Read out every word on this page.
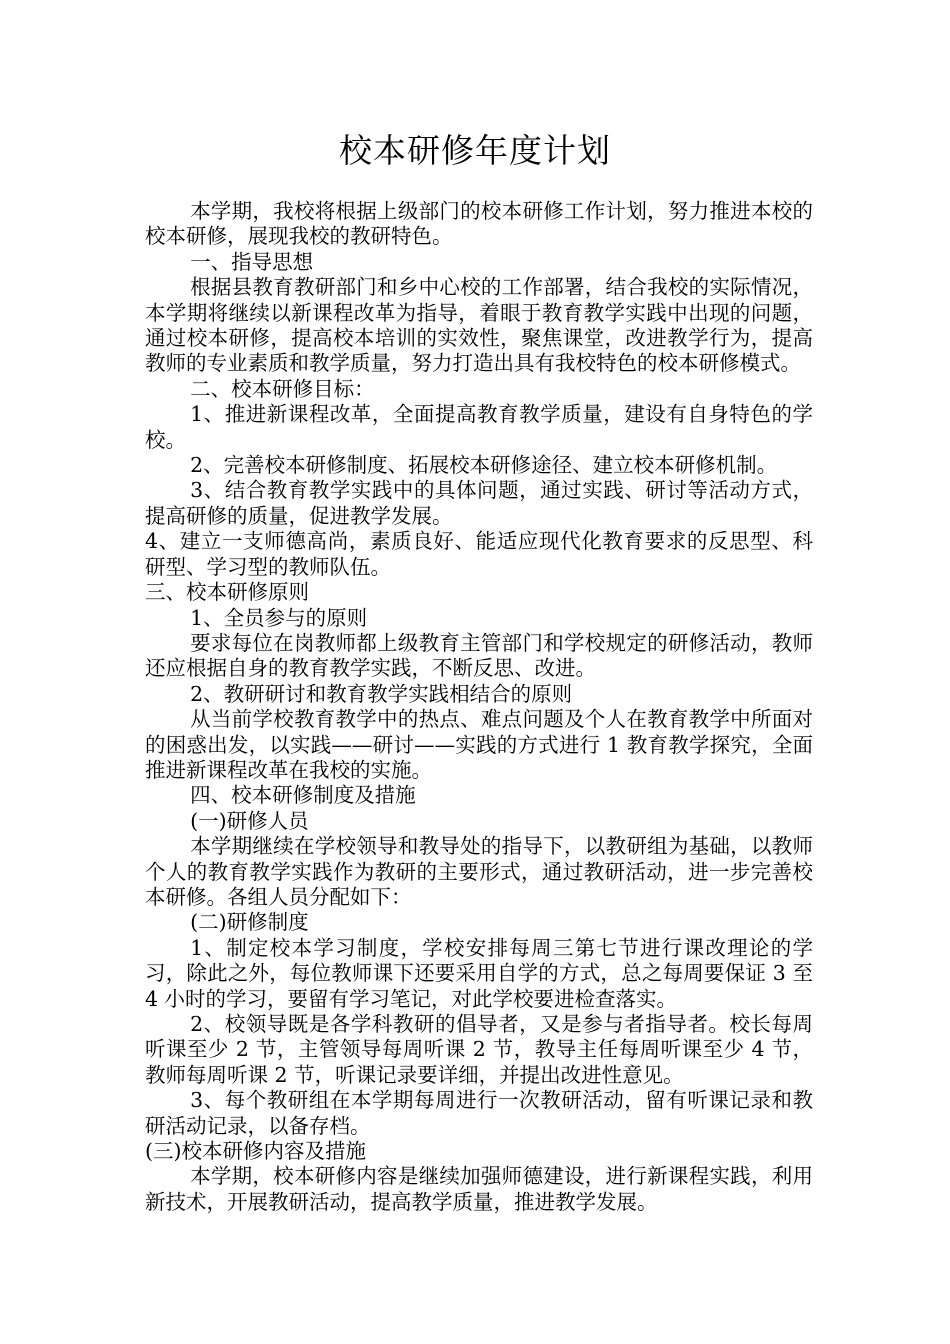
校本研修年度计划

本学期，我校将根据上级部门的校本研修工作计划，努力推进本校的校本研修，展现我校的教研特色。

一、指导思想

根据县教育教研部门和乡中心校的工作部署，结合我校的实际情况，本学期将继续以新课程改革为指导，着眼于教育教学实践中出现的问题，通过校本研修，提高校本培训的实效性，聚焦课堂，改进教学行为，提高教师的专业素质和教学质量，努力打造出具有我校特色的校本研修模式。

二、校本研修目标：

1、推进新课程改革，全面提高教育教学质量，建设有自身特色的学校。

2、完善校本研修制度、拓展校本研修途径、建立校本研修机制。

3、结合教育教学实践中的具体问题，通过实践、研讨等活动方式，提高研修的质量，促进教学发展。

4、建立一支师德高尚，素质良好、能适应现代化教育要求的反思型、科研型、学习型的教师队伍。

三、校本研修原则

1、全员参与的原则

要求每位在岗教师都上级教育主管部门和学校规定的研修活动，教师还应根据自身的教育教学实践，不断反思、改进。

2、教研研讨和教育教学实践相结合的原则

从当前学校教育教学中的热点、难点问题及个人在教育教学中所面对的困惑出发，以实践——研讨——实践的方式进行 1 教育教学探究，全面推进新课程改革在我校的实施。

四、校本研修制度及措施

(一)研修人员

本学期继续在学校领导和教导处的指导下，以教研组为基础，以教师个人的教育教学实践作为教研的主要形式，通过教研活动，进一步完善校本研修。各组人员分配如下：

(二)研修制度

1、制定校本学习制度，学校安排每周三第七节进行课改理论的学习，除此之外，每位教师课下还要采用自学的方式，总之每周要保证 3 至 4 小时的学习，要留有学习笔记，对此学校要进检查落实。

2、校领导既是各学科教研的倡导者，又是参与者指导者。校长每周听课至少 2 节，主管领导每周听课 2 节，教导主任每周听课至少 4 节，教师每周听课 2 节，听课记录要详细，并提出改进性意见。

3、每个教研组在本学期每周进行一次教研活动，留有听课记录和教研活动记录，以备存档。

(三)校本研修内容及措施

本学期，校本研修内容是继续加强师德建设，进行新课程实践，利用新技术，开展教研活动，提高教学质量，推进教学发展。
